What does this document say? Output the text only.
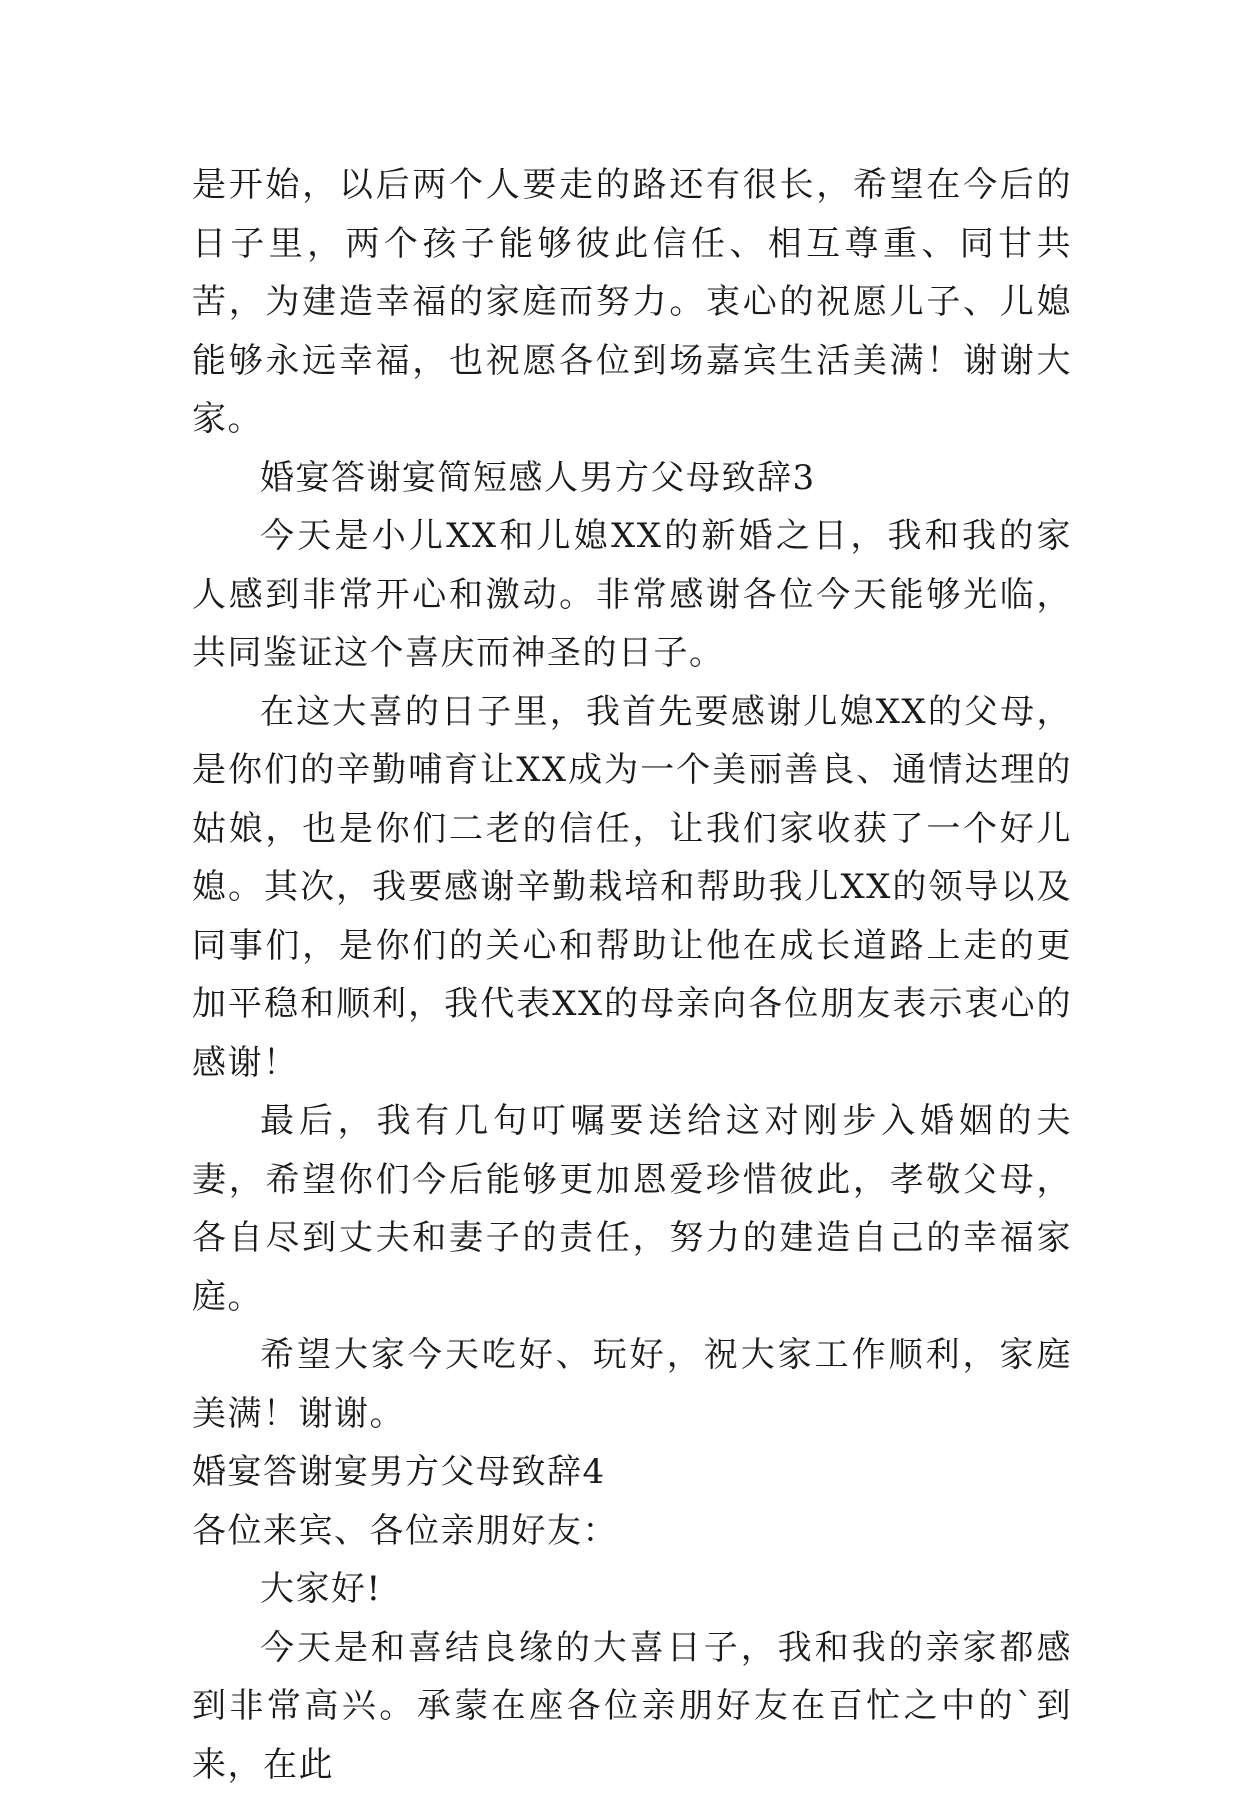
是开始，以后两个人要走的路还有很长，希望在今后的日子里，两个孩子能够彼此信任、相互尊重、同甘共苦，为建造幸福的家庭而努力。衷心的祝愿儿子、儿媳能够永远幸福，也祝愿各位到场嘉宾生活美满！谢谢大家。

婚宴答谢宴简短感人男方父母致辞3

今天是小儿XX和儿媳XX的新婚之日，我和我的家人感到非常开心和激动。非常感谢各位今天能够光临，共同鉴证这个喜庆而神圣的日子。

在这大喜的日子里，我首先要感谢儿媳XX的父母，是你们的辛勤哺育让XX成为一个美丽善良、通情达理的姑娘，也是你们二老的信任，让我们家收获了一个好儿媳。其次，我要感谢辛勤栽培和帮助我儿XX的领导以及同事们，是你们的关心和帮助让他在成长道路上走的更加平稳和顺利，我代表XX的母亲向各位朋友表示衷心的感谢！

最后，我有几句叮嘱要送给这对刚步入婚姻的夫妻，希望你们今后能够更加恩爱珍惜彼此，孝敬父母，各自尽到丈夫和妻子的责任，努力的建造自己的幸福家庭。

希望大家今天吃好、玩好，祝大家工作顺利，家庭美满！谢谢。

婚宴答谢宴男方父母致辞4

各位来宾、各位亲朋好友：

大家好!

今天是和喜结良缘的大喜日子，我和我的亲家都感到非常高兴。承蒙在座各位亲朋好友在百忙之中的`到来，在此
